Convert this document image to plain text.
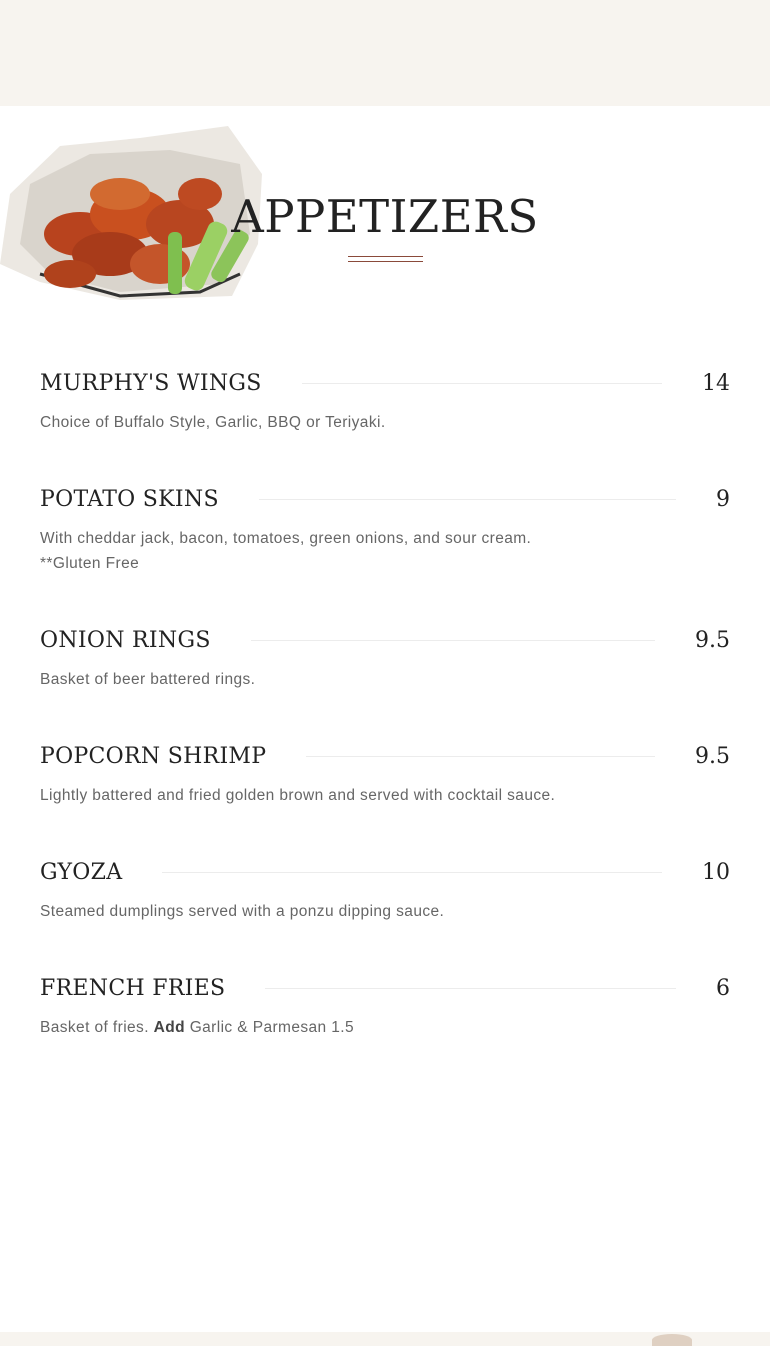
APPETIZERS
MURPHY'S WINGS	14
Choice of Buffalo Style, Garlic, BBQ or Teriyaki.
POTATO SKINS	9
With cheddar jack, bacon, tomatoes, green onions, and sour cream.
**Gluten Free
ONION RINGS	9.5
Basket of beer battered rings.
POPCORN SHRIMP	9.5
Lightly battered and fried golden brown and served with cocktail sauce.
GYOZA	10
Steamed dumplings served with a ponzu dipping sauce.
FRENCH FRIES	6
Basket of fries. Add Garlic & Parmesan 1.5
